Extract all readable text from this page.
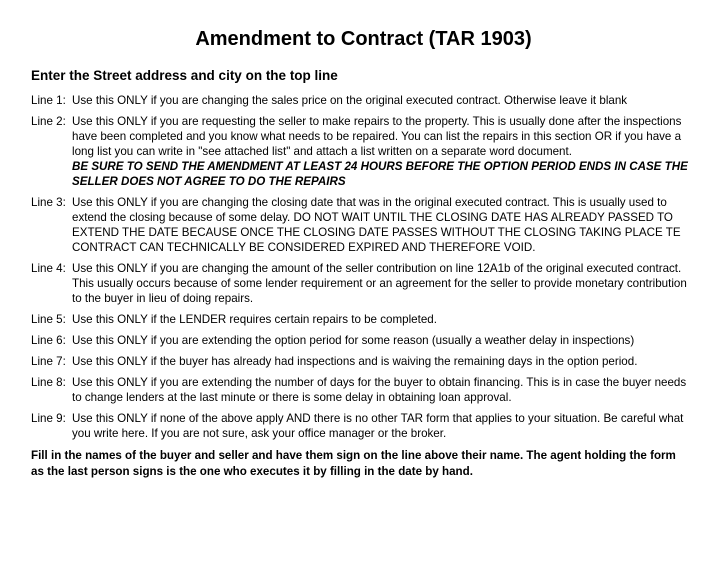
Amendment to Contract (TAR 1903)
Enter the Street address and city on the top line
Line 1: Use this ONLY if you are changing the sales price on the original executed contract. Otherwise leave it blank

Line 2: Use this ONLY if you are requesting the seller to make repairs to the property. This is usually done after the inspections have been completed and you know what needs to be repaired. You can list the repairs in this section OR if you have a long list you can write in "see attached list" and attach a list written on a separate word document.
BE SURE TO SEND THE AMENDMENT AT LEAST 24 HOURS BEFORE THE OPTION PERIOD ENDS IN CASE THE SELLER DOES NOT AGREE TO DO THE REPAIRS
Line 3: Use this ONLY if you are changing the closing date that was in the original executed contract. This is usually used to extend the closing because of some delay. DO NOT WAIT UNTIL THE CLOSING DATE HAS ALREADY PASSED TO EXTEND THE DATE BECAUSE ONCE THE CLOSING DATE PASSES WITHOUT THE CLOSING TAKING PLACE TE CONTRACT CAN TECHNICALLY BE CONSIDERED EXPIRED AND THEREFORE VOID.

Line 4: Use this ONLY if you are changing the amount of the seller contribution on line 12A1b of the original executed contract. This usually occurs because of some lender requirement or an agreement for the seller to provide monetary contribution to the buyer in lieu of doing repairs.

Line 5: Use this ONLY if the LENDER requires certain repairs to be completed.

Line 6: Use this ONLY if you are extending the option period for some reason (usually a weather delay in inspections)

Line 7: Use this ONLY if the buyer has already had inspections and is waiving the remaining days in the option period.

Line 8: Use this ONLY if you are extending the number of days for the buyer to obtain financing. This is in case the buyer needs to change lenders at the last minute or there is some delay in obtaining loan approval.

Line 9: Use this ONLY if none of the above apply AND there is no other TAR form that applies to your situation. Be careful what you write here. If you are not sure, ask your office manager or the broker.

Fill in the names of the buyer and seller and have them sign on the line above their name. The agent holding the form as the last person signs is the one who executes it by filling in the date by hand.
